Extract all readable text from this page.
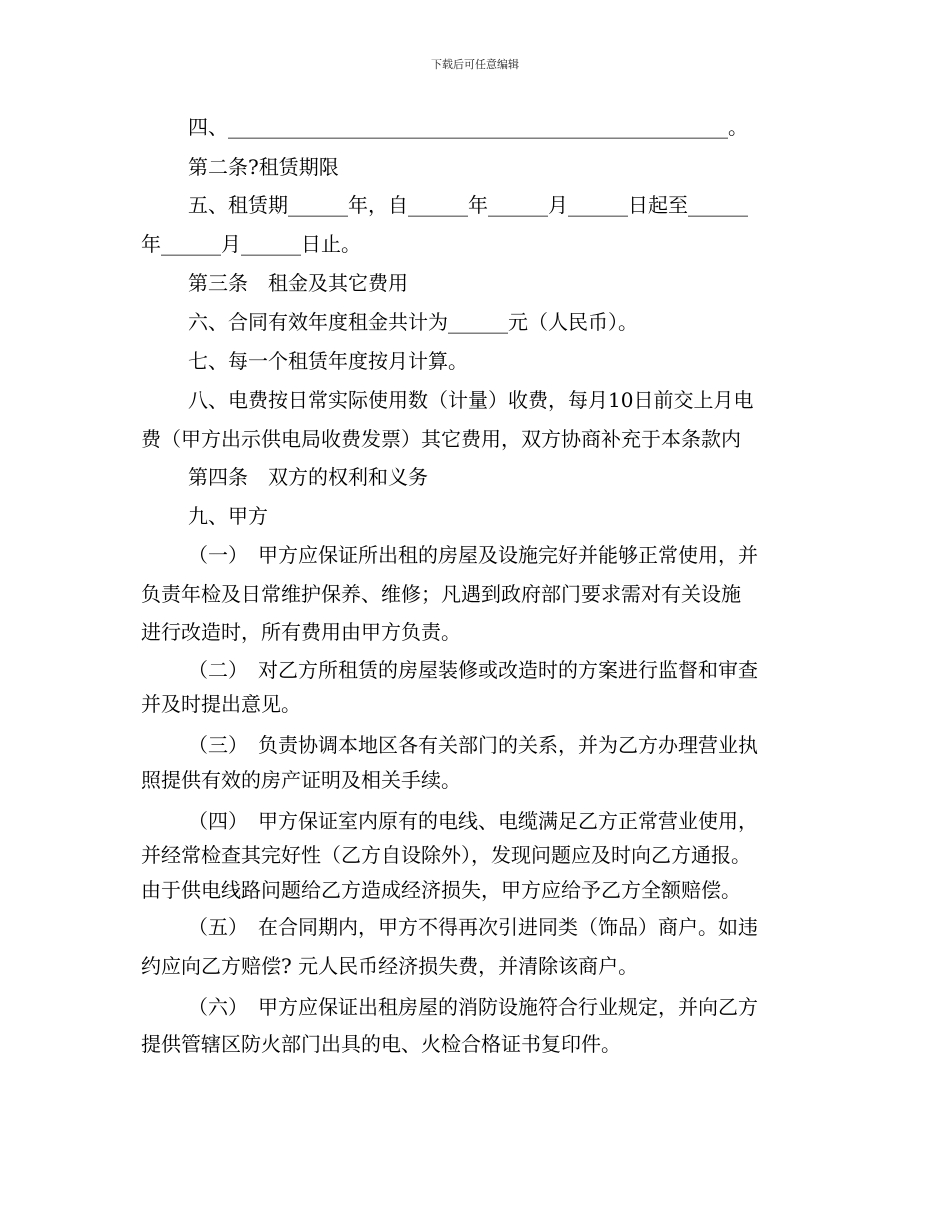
下载后可任意编辑
四、__________________________________________________。
第二条?租赁期限
五、租赁期______年，自______年______月______日起至______
年______月______日止。
第三条　租金及其它费用
六、合同有效年度租金共计为______元（人民币）。
七、每一个租赁年度按月计算。
八、电费按日常实际使用数（计量）收费，每月10日前交上月电
费（甲方出示供电局收费发票）其它费用，双方协商补充于本条款内
第四条　双方的权利和义务
九、甲方
（一）　甲方应保证所出租的房屋及设施完好并能够正常使用，并
负责年检及日常维护保养、维修；凡遇到政府部门要求需对有关设施
进行改造时，所有费用由甲方负责。
（二）　对乙方所租赁的房屋装修或改造时的方案进行监督和审查
并及时提出意见。
（三）　负责协调本地区各有关部门的关系，并为乙方办理营业执
照提供有效的房产证明及相关手续。
（四）　甲方保证室内原有的电线、电缆满足乙方正常营业使用，
并经常检查其完好性（乙方自设除外），发现问题应及时向乙方通报。
由于供电线路问题给乙方造成经济损失，甲方应给予乙方全额赔偿。
（五）　在合同期内，甲方不得再次引进同类（饰品）商户。如违
约应向乙方赔偿? 元人民币经济损失费，并清除该商户。
（六）　甲方应保证出租房屋的消防设施符合行业规定，并向乙方
提供管辖区防火部门出具的电、火检合格证书复印件。
